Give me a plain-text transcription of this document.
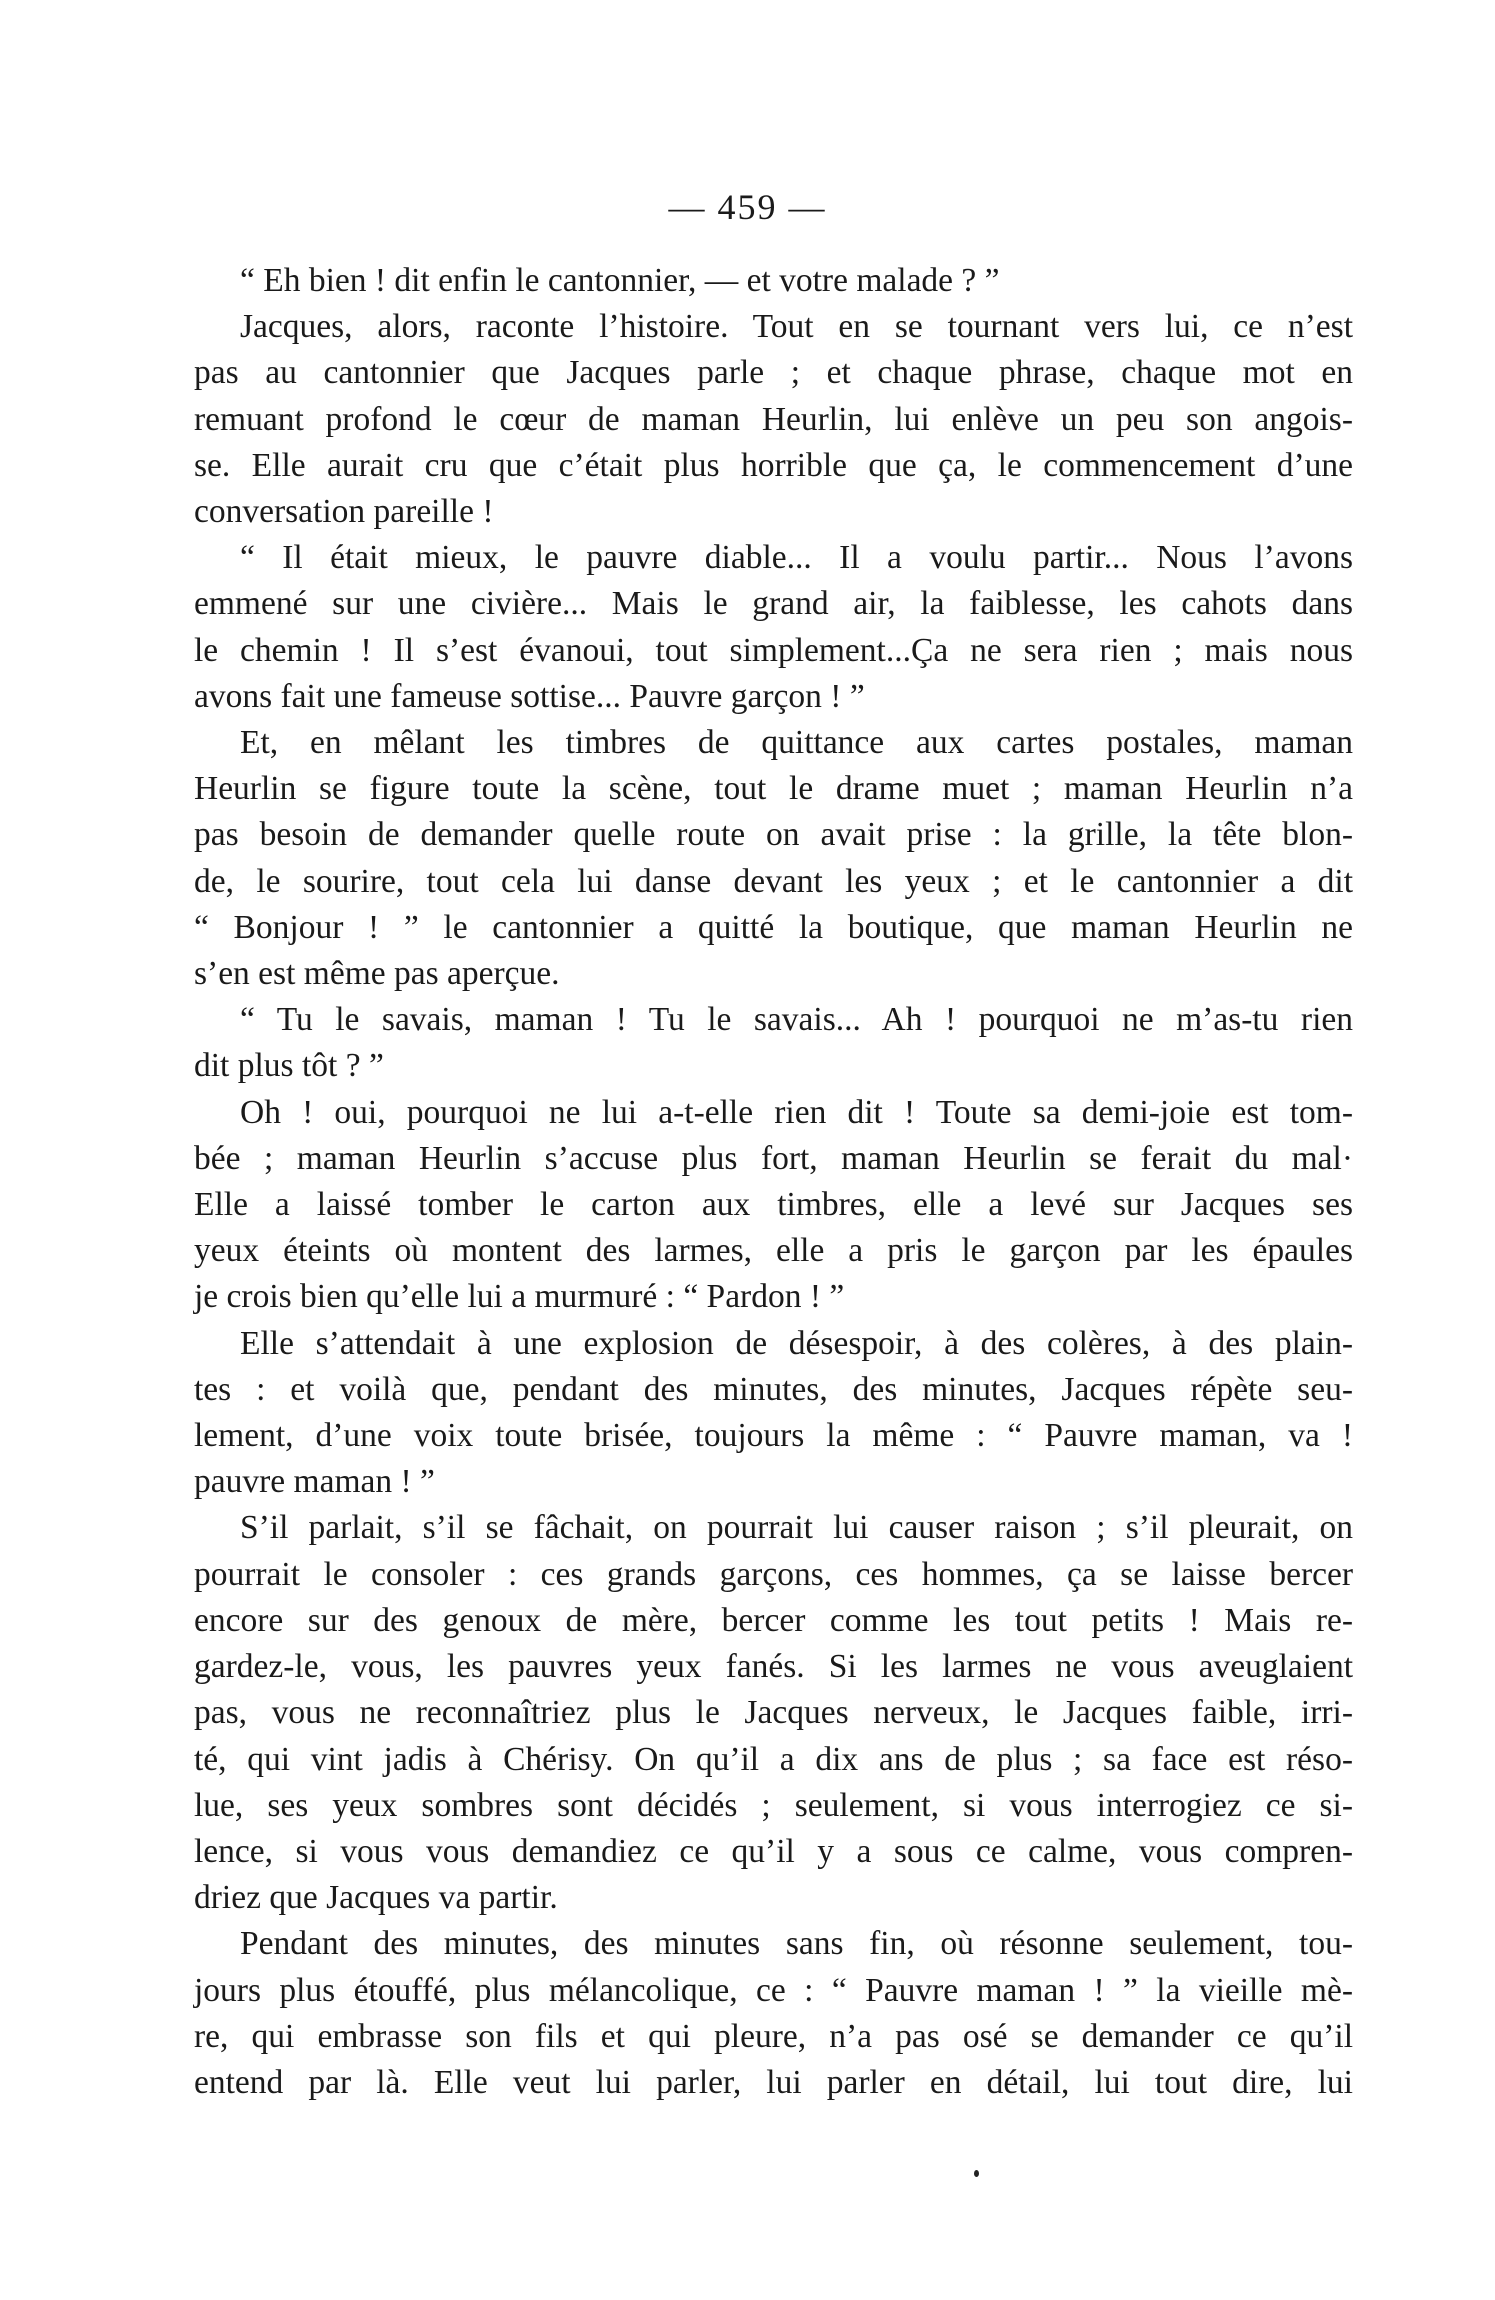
— 459 —
“ Eh bien ! dit enfin le cantonnier, — et votre malade ? ”
Jacques, alors, raconte l’histoire. Tout en se tournant vers lui, ce n’est
pas au cantonnier que Jacques parle ; et chaque phrase, chaque mot en
remuant profond le cœur de maman Heurlin, lui enlève un peu son angois-
se. Elle aurait cru que c’était plus horrible que ça, le commencement d’une
conversation pareille !
“ Il était mieux, le pauvre diable... Il a voulu partir... Nous l’avons
emmené sur une civière... Mais le grand air, la faiblesse, les cahots dans
le chemin ! Il s’est évanoui, tout simplement...Ça ne sera rien ; mais nous
avons fait une fameuse sottise... Pauvre garçon ! ”
Et, en mêlant les timbres de quittance aux cartes postales, maman
Heurlin se figure toute la scène, tout le drame muet ; maman Heurlin n’a
pas besoin de demander quelle route on avait prise : la grille, la tête blon-
de, le sourire, tout cela lui danse devant les yeux ; et le cantonnier a dit
“ Bonjour ! ” le cantonnier a quitté la boutique, que maman Heurlin ne
s’en est même pas aperçue.
“ Tu le savais, maman ! Tu le savais... Ah ! pourquoi ne m’as-tu rien
dit plus tôt ? ”
Oh ! oui, pourquoi ne lui a-t-elle rien dit ! Toute sa demi-joie est tom-
bée ; maman Heurlin s’accuse plus fort, maman Heurlin se ferait du mal·
Elle a laissé tomber le carton aux timbres, elle a levé sur Jacques ses
yeux éteints où montent des larmes, elle a pris le garçon par les épaules
je crois bien qu’elle lui a murmuré : “ Pardon ! ”
Elle s’attendait à une explosion de désespoir, à des colères, à des plain-
tes : et voilà que, pendant des minutes, des minutes, Jacques répète seu-
lement, d’une voix toute brisée, toujours la même : “ Pauvre maman, va !
pauvre maman ! ”
S’il parlait, s’il se fâchait, on pourrait lui causer raison ; s’il pleurait, on
pourrait le consoler : ces grands garçons, ces hommes, ça se laisse bercer
encore sur des genoux de mère, bercer comme les tout petits ! Mais re-
gardez-le, vous, les pauvres yeux fanés. Si les larmes ne vous aveuglaient
pas, vous ne reconnaîtriez plus le Jacques nerveux, le Jacques faible, irri-
té, qui vint jadis à Chérisy. On qu’il a dix ans de plus ; sa face est réso-
lue, ses yeux sombres sont décidés ; seulement, si vous interrogiez ce si-
lence, si vous vous demandiez ce qu’il y a sous ce calme, vous compren-
driez que Jacques va partir.
Pendant des minutes, des minutes sans fin, où résonne seulement, tou-
jours plus étouffé, plus mélancolique, ce : “ Pauvre maman ! ” la vieille mè-
re, qui embrasse son fils et qui pleure, n’a pas osé se demander ce qu’il
entend par là. Elle veut lui parler, lui parler en détail, lui tout dire, lui
